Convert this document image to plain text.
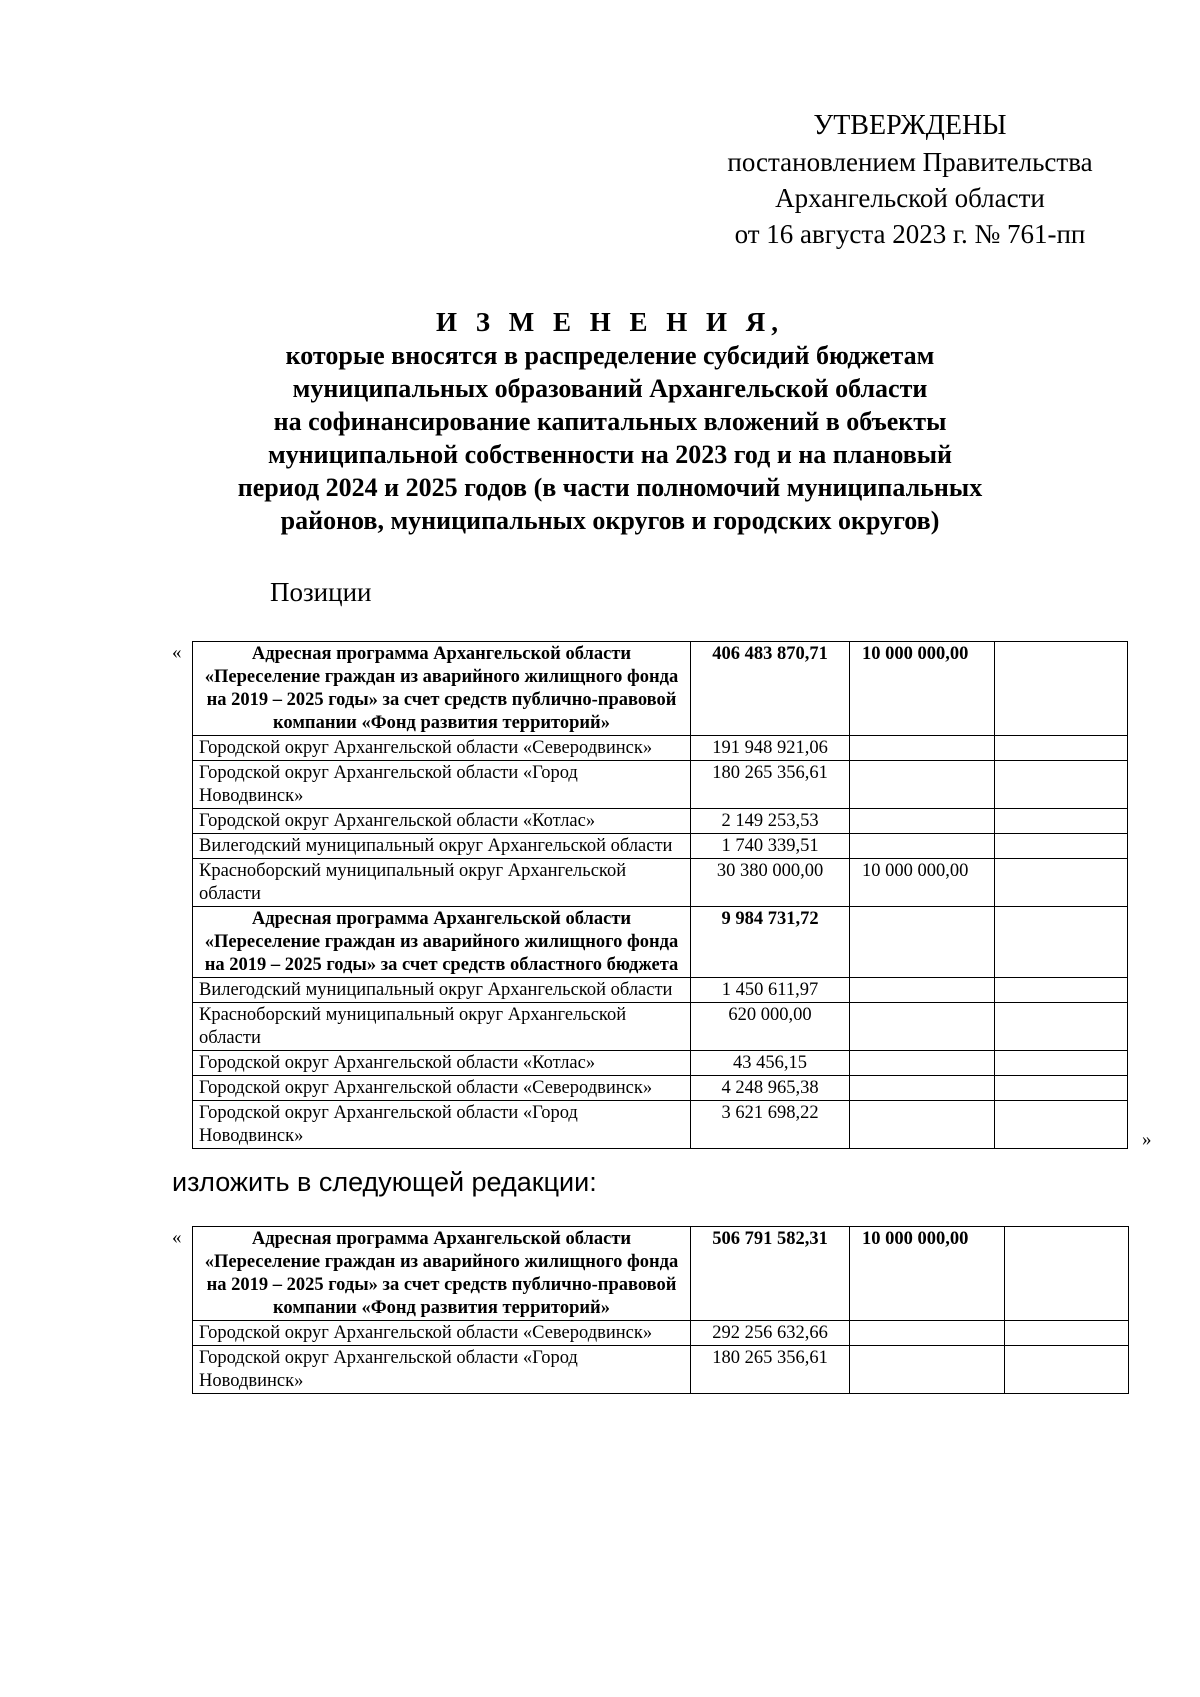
УТВЕРЖДЕНЫ
постановлением Правительства
Архангельской области
от 16 августа 2023 г. № 761-пп
И З М Е Н Е Н И Я,
которые вносятся в распределение субсидий бюджетам
муниципальных образований Архангельской области
на софинансирование капитальных вложений в объекты
муниципальной собственности на 2023 год и на плановый
период 2024 и 2025 годов (в части полномочий муниципальных
районов, муниципальных округов и городских округов)
Позиции
«	Адресная программа Архангельской области «Переселение граждан из аварийного жилищного фонда на 2019 – 2025 годы» за счет средств публично-правовой компании «Фонд развития территорий»	406 483 870,71	10 000 000,00	
Городской округ Архангельской области «Северодвинск»	191 948 921,06		
Городской округ Архангельской области «Город Новодвинск»	180 265 356,61		
Городской округ Архангельской области «Котлас»	2 149 253,53		
Вилегодский муниципальный округ Архангельской области	1 740 339,51		
Красноборский муниципальный округ Архангельской области	30 380 000,00	10 000 000,00	
Адресная программа Архангельской области «Переселение граждан из аварийного жилищного фонда на 2019 – 2025 годы» за счет средств областного бюджета	9 984 731,72		
Вилегодский муниципальный округ Архангельской области	1 450 611,97		
Красноборский муниципальный округ Архангельской области	620 000,00		
Городской округ Архангельской области «Котлас»	43 456,15		
Городской округ Архангельской области «Северодвинск»	4 248 965,38		
Городской округ Архангельской области «Город Новодвинск»	3 621 698,22		
»
изложить в следующей редакции:
«	Адресная программа Архангельской области «Переселение граждан из аварийного жилищного фонда на 2019 – 2025 годы» за счет средств публично-правовой компании «Фонд развития территорий»	506 791 582,31	10 000 000,00	
Городской округ Архангельской области «Северодвинск»	292 256 632,66		
Городской округ Архангельской области «Город Новодвинск»	180 265 356,61		
